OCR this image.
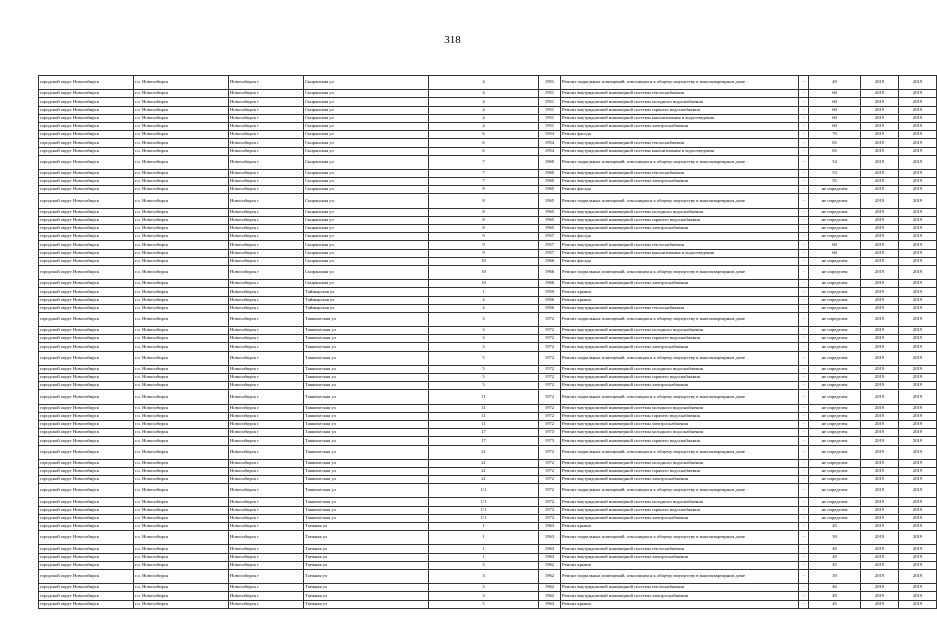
318
городской округ Новосибирск	г.о. Новосибирск	Новосибирск г	Сызранская ул	4	1951	Ремонт подвальных помещений, относящихся к общему имуществу в многоквартирном доме	-	49	2019	2019
городской округ Новосибирск	г.о. Новосибирск	Новосибирск г	Сызранская ул	4	1951	Ремонт внутридомовой инженерной системы теплоснабжения	-	60	2019	2019
городской округ Новосибирск	г.о. Новосибирск	Новосибирск г	Сызранская ул	4	1951	Ремонт внутридомовой инженерной системы холодного водоснабжения	-	60	2019	2019
городской округ Новосибирск	г.о. Новосибирск	Новосибирск г	Сызранская ул	4	1951	Ремонт внутридомовой инженерной системы горячего водоснабжения	-	60	2019	2019
городской округ Новосибирск	г.о. Новосибирск	Новосибирск г	Сызранская ул	4	1951	Ремонт внутридомовой инженерной системы канализования и водоотведения	-	60	2019	2019
городской округ Новосибирск	г.о. Новосибирск	Новосибирск г	Сызранская ул	4	1951	Ремонт внутридомовой инженерной системы электроснабжения	-	60	2019	2019
городской округ Новосибирск	г.о. Новосибирск	Новосибирск г	Сызранская ул	6	1954	Ремонт фасада	-	70	2019	2019
городской округ Новосибирск	г.о. Новосибирск	Новосибирск г	Сызранская ул	6	1954	Ремонт внутридомовой инженерной системы теплоснабжения	-	65	2019	2019
городской округ Новосибирск	г.о. Новосибирск	Новосибирск г	Сызранская ул	6	1954	Ремонт внутридомовой инженерной системы канализования и водоотведения	-	65	2019	2019
городской округ Новосибирск	г.о. Новосибирск	Новосибирск г	Сызранская ул	7	1960	Ремонт подвальных помещений, относящихся к общему имуществу в многоквартирном доме	-	54	2019	2019
городской округ Новосибирск	г.о. Новосибирск	Новосибирск г	Сызранская ул	7	1960	Ремонт внутридомовой инженерной системы теплоснабжения	-	53	2019	2019
городской округ Новосибирск	г.о. Новосибирск	Новосибирск г	Сызранская ул	7	1960	Ремонт внутридомовой инженерной системы электроснабжения	-	55	2019	2019
городской округ Новосибирск	г.о. Новосибирск	Новосибирск г	Сызранская ул	8	1965	Ремонт фасада	-	не определен	2019	2019
городской округ Новосибирск	г.о. Новосибирск	Новосибирск г	Сызранская ул	8	1965	Ремонт подвальных помещений, относящихся к общему имуществу в многоквартирном доме	-	не определен	2019	2019
городской округ Новосибирск	г.о. Новосибирск	Новосибирск г	Сызранская ул	8	1965	Ремонт внутридомовой инженерной системы холодного водоснабжения	-	не определен	2019	2019
городской округ Новосибирск	г.о. Новосибирск	Новосибирск г	Сызранская ул	8	1965	Ремонт внутридомовой инженерной системы горячего водоснабжения	-	не определен	2019	2019
городской округ Новосибирск	г.о. Новосибирск	Новосибирск г	Сызранская ул	8	1965	Ремонт внутридомовой инженерной системы электроснабжения	-	не определен	2019	2019
городской округ Новосибирск	г.о. Новосибирск	Новосибирск г	Сызранская ул	9	1957	Ремонт фасада	-	не определен	2019	2019
городской округ Новосибирск	г.о. Новосибирск	Новосибирск г	Сызранская ул	9	1957	Ремонт внутридомовой инженерной системы теплоснабжения	-	60	2019	2019
городской округ Новосибирск	г.о. Новосибирск	Новосибирск г	Сызранская ул	9	1957	Ремонт внутридомовой инженерной системы канализования и водоотведения	-	60	2019	2019
городской округ Новосибирск	г.о. Новосибирск	Новосибирск г	Сызранская ул	10	1966	Ремонт фасада	-	не определен	2019	2019
городской округ Новосибирск	г.о. Новосибирск	Новосибирск г	Сызранская ул	10	1966	Ремонт подвальных помещений, относящихся к общему имуществу в многоквартирном доме	-	не определен	2019	2019
городской округ Новосибирск	г.о. Новосибирск	Новосибирск г	Сызранская ул	10	1966	Ремонт внутридомовой инженерной системы электроснабжения	-	не определен	2019	2019
городской округ Новосибирск	г.о. Новосибирск	Новосибирск г	Таймырская ул	1	1959	Ремонт крыши	-	не определен	2019	2019
городской округ Новосибирск	г.о. Новосибирск	Новосибирск г	Таймырская ул	2	1956	Ремонт крыши	-	не определен	2019	2019
городской округ Новосибирск	г.о. Новосибирск	Новосибирск г	Таймырская ул	2	1956	Ремонт внутридомовой инженерной системы теплоснабжения	-	не определен	2019	2019
городской округ Новосибирск	г.о. Новосибирск	Новосибирск г	Ташкентская ул	3	1972	Ремонт подвальных помещений, относящихся к общему имуществу в многоквартирном доме	-	не определен	2019	2019
городской округ Новосибирск	г.о. Новосибирск	Новосибирск г	Ташкентская ул	3	1972	Ремонт внутридомовой инженерной системы холодного водоснабжения	-	не определен	2019	2019
городской округ Новосибирск	г.о. Новосибирск	Новосибирск г	Ташкентская ул	3	1972	Ремонт внутридомовой инженерной системы горячего водоснабжения	-	не определен	2019	2019
городской округ Новосибирск	г.о. Новосибирск	Новосибирск г	Ташкентская ул	3	1972	Ремонт внутридомовой инженерной системы электроснабжения	-	не определен	2019	2019
городской округ Новосибирск	г.о. Новосибирск	Новосибирск г	Ташкентская ул	5	1972	Ремонт подвальных помещений, относящихся к общему имуществу в многоквартирном доме	-	не определен	2019	2019
городской округ Новосибирск	г.о. Новосибирск	Новосибирск г	Ташкентская ул	5	1972	Ремонт внутридомовой инженерной системы холодного водоснабжения	-	не определен	2019	2019
городской округ Новосибирск	г.о. Новосибирск	Новосибирск г	Ташкентская ул	5	1972	Ремонт внутридомовой инженерной системы горячего водоснабжения	-	не определен	2019	2019
городской округ Новосибирск	г.о. Новосибирск	Новосибирск г	Ташкентская ул	5	1972	Ремонт внутридомовой инженерной системы электроснабжения	-	не определен	2019	2019
городской округ Новосибирск	г.о. Новосибирск	Новосибирск г	Ташкентская ул	11	1972	Ремонт подвальных помещений, относящихся к общему имуществу в многоквартирном доме	-	не определен	2019	2019
городской округ Новосибирск	г.о. Новосибирск	Новосибирск г	Ташкентская ул	11	1972	Ремонт внутридомовой инженерной системы холодного водоснабжения	-	не определен	2019	2019
городской округ Новосибирск	г.о. Новосибирск	Новосибирск г	Ташкентская ул	11	1972	Ремонт внутридомовой инженерной системы горячего водоснабжения	-	не определен	2019	2019
городской округ Новосибирск	г.о. Новосибирск	Новосибирск г	Ташкентская ул	11	1972	Ремонт внутридомовой инженерной системы электроснабжения	-	не определен	2019	2019
городской округ Новосибирск	г.о. Новосибирск	Новосибирск г	Ташкентская ул	17	1973	Ремонт внутридомовой инженерной системы холодного водоснабжения	-	не определен	2019	2019
городской округ Новосибирск	г.о. Новосибирск	Новосибирск г	Ташкентская ул	17	1973	Ремонт внутридомовой инженерной системы горячего водоснабжения	-	не определен	2019	2019
городской округ Новосибирск	г.о. Новосибирск	Новосибирск г	Ташкентская ул	21	1972	Ремонт подвальных помещений, относящихся к общему имуществу в многоквартирном доме	-	не определен	2019	2019
городской округ Новосибирск	г.о. Новосибирск	Новосибирск г	Ташкентская ул	21	1972	Ремонт внутридомовой инженерной системы холодного водоснабжения	-	не определен	2019	2019
городской округ Новосибирск	г.о. Новосибирск	Новосибирск г	Ташкентская ул	21	1972	Ремонт внутридомовой инженерной системы горячего водоснабжения	-	не определен	2019	2019
городской округ Новосибирск	г.о. Новосибирск	Новосибирск г	Ташкентская ул	21	1972	Ремонт внутридомовой инженерной системы электроснабжения	-	не определен	2019	2019
городской округ Новосибирск	г.о. Новосибирск	Новосибирск г	Ташкентская ул	1/1	1972	Ремонт подвальных помещений, относящихся к общему имуществу в многоквартирном доме	-	не определен	2019	2019
городской округ Новосибирск	г.о. Новосибирск	Новосибирск г	Ташкентская ул	1/1	1972	Ремонт внутридомовой инженерной системы холодного водоснабжения	-	не определен	2019	2019
городской округ Новосибирск	г.о. Новосибирск	Новосибирск г	Ташкентская ул	1/1	1972	Ремонт внутридомовой инженерной системы горячего водоснабжения	-	не определен	2019	2019
городской округ Новосибирск	г.о. Новосибирск	Новосибирск г	Ташкентская ул	1/1	1972	Ремонт внутридомовой инженерной системы электроснабжения	-	не определен	2019	2019
городской округ Новосибирск	г.о. Новосибирск	Новосибирск г	Таежная ул	1	1963	Ремонт крыши	-	45	2019	2019
городской округ Новосибирск	г.о. Новосибирск	Новосибирск г	Таежная ул	1	1963	Ремонт подвальных помещений, относящихся к общему имуществу в многоквартирном доме	-	39	2019	2019
городской округ Новосибирск	г.о. Новосибирск	Новосибирск г	Таежная ул	1	1963	Ремонт внутридомовой инженерной системы теплоснабжения	-	40	2019	2019
городской округ Новосибирск	г.о. Новосибирск	Новосибирск г	Таежная ул	1	1963	Ремонт внутридомовой инженерной системы электроснабжения	-	49	2019	2019
городской округ Новосибирск	г.о. Новосибирск	Новосибирск г	Таежная ул	3	1962	Ремонт крыши	-	45	2019	2019
городской округ Новосибирск	г.о. Новосибирск	Новосибирск г	Таежная ул	3	1962	Ремонт подвальных помещений, относящихся к общему имуществу в многоквартирном доме	-	39	2019	2019
городской округ Новосибирск	г.о. Новосибирск	Новосибирск г	Таежная ул	3	1962	Ремонт внутридомовой инженерной системы теплоснабжения	-	40	2019	2019
городской округ Новосибирск	г.о. Новосибирск	Новосибирск г	Таежная ул	3	1962	Ремонт внутридомовой инженерной системы электроснабжения	-	49	2019	2019
городской округ Новосибирск	г.о. Новосибирск	Новосибирск г	Таежная ул	5	1963	Ремонт крыши	-	45	2019	2019
